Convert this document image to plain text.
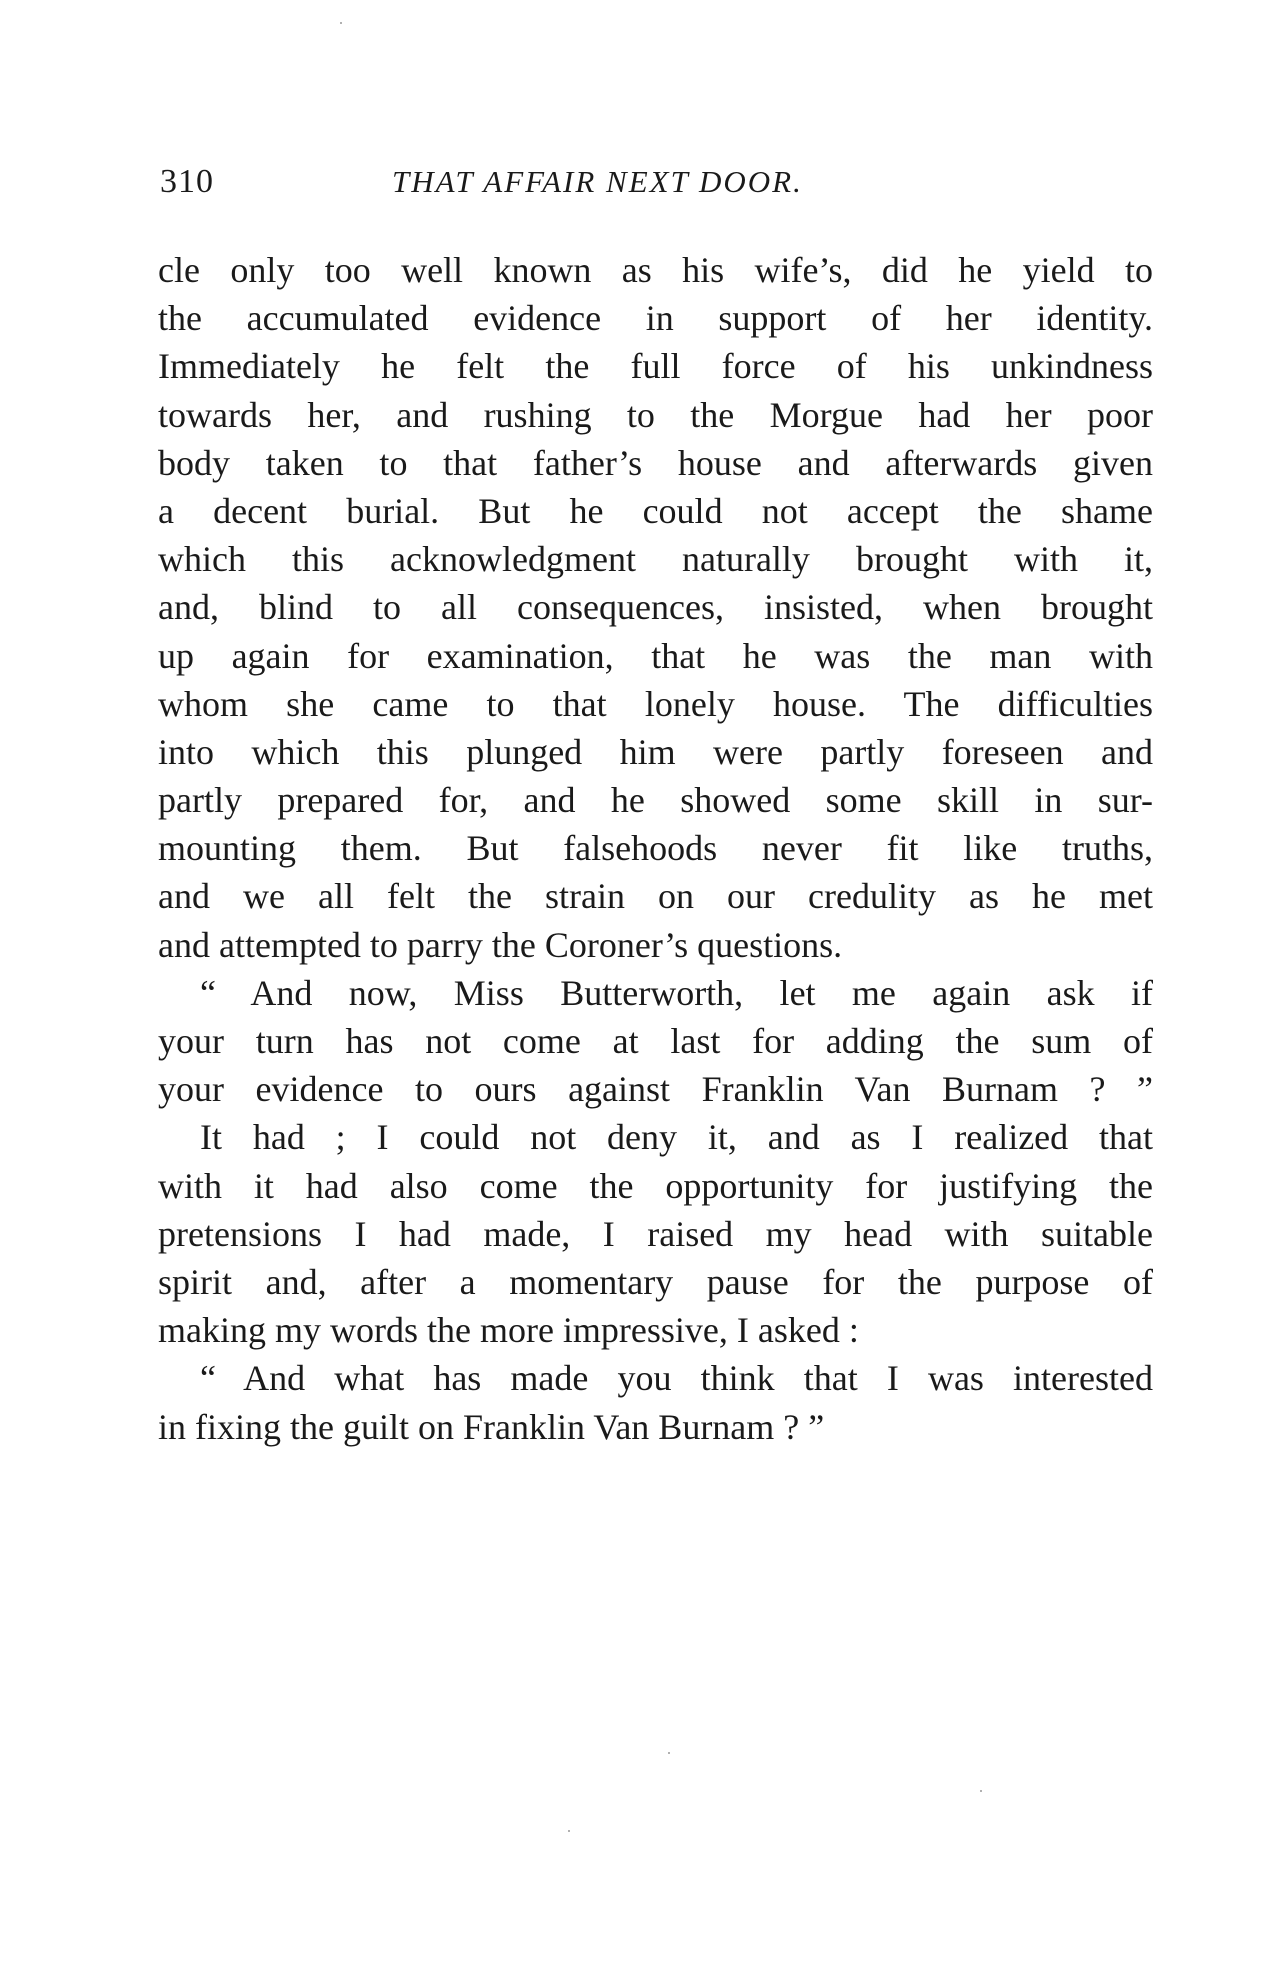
310	THAT AFFAIR NEXT DOOR.
cle only too well known as his wife’s, did he yield to
the accumulated evidence in support of her identity.
Immediately he felt the full force of his unkindness
towards her, and rushing to the Morgue had her poor
body taken to that father’s house and afterwards given
a decent burial. But he could not accept the shame
which this acknowledgment naturally brought with it,
and, blind to all consequences, insisted, when brought
up again for examination, that he was the man with
whom she came to that lonely house. The difficulties
into which this plunged him were partly foreseen and
partly prepared for, and he showed some skill in sur-
mounting them. But falsehoods never fit like truths,
and we all felt the strain on our credulity as he met
and attempted to parry the Coroner’s questions.
“ And now, Miss Butterworth, let me again ask if
your turn has not come at last for adding the sum of
your evidence to ours against Franklin Van Burnam ? ”
It had ; I could not deny it, and as I realized that
with it had also come the opportunity for justifying the
pretensions I had made, I raised my head with suitable
spirit and, after a momentary pause for the purpose of
making my words the more impressive, I asked :
“ And what has made you think that I was interested
in fixing the guilt on Franklin Van Burnam ? ”
